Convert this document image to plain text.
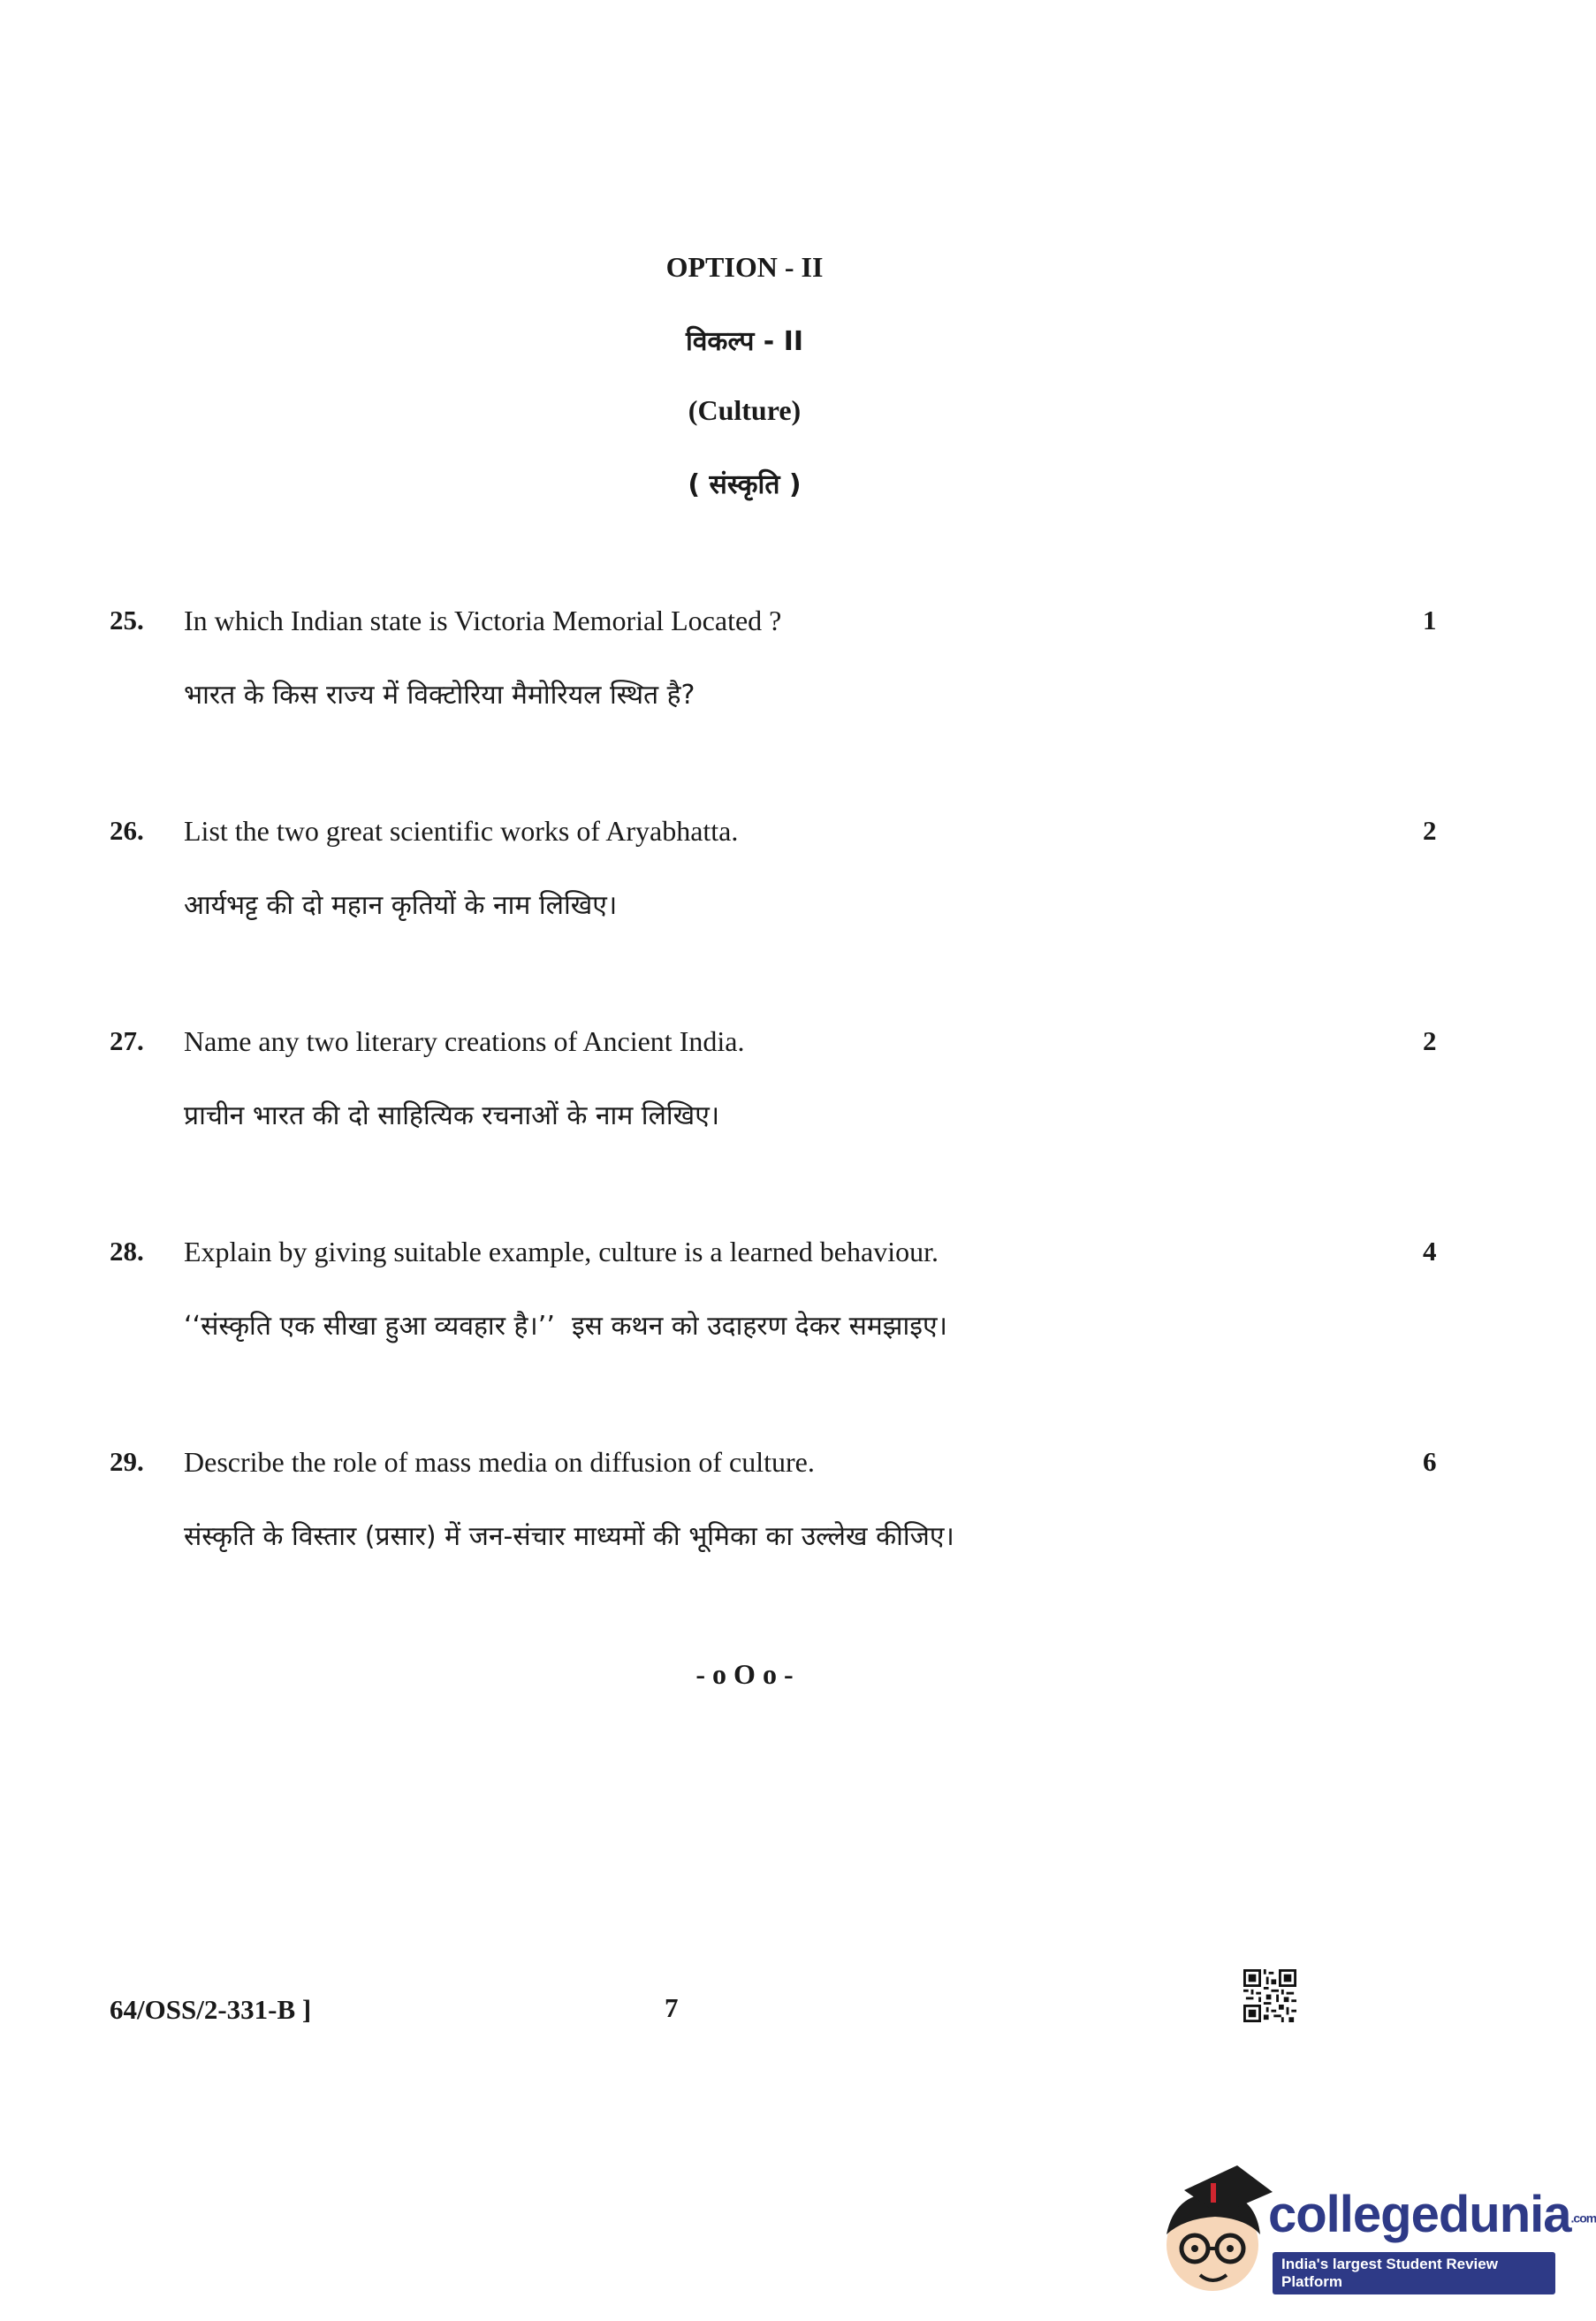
OPTION - II
विकल्प - II
(Culture)
( संस्कृति )
25. In which Indian state is Victoria Memorial Located ?	1
भारत के किस राज्य में विक्टोरिया मैमोरियल स्थित है?
26. List the two great scientific works of Aryabhatta.	2
आर्यभट्ट की दो महान कृतियों के नाम लिखिए।
27. Name any two literary creations of Ancient India.	2
प्राचीन भारत की दो साहित्यिक रचनाओं के नाम लिखिए।
28. Explain by giving suitable example, culture is a learned behaviour.	4
‘‘संस्कृति एक सीखा हुआ व्यवहार है।’’  इस कथन को उदाहरण देकर समझाइए।
29. Describe the role of mass media on diffusion of culture.	6
संस्कृति के विस्तार (प्रसार) में जन-संचार माध्यमों की भूमिका का उल्लेख कीजिए।
- o O o -
64/OSS/2-331-B ]	7
collegedunia.com
India's largest Student Review Platform
